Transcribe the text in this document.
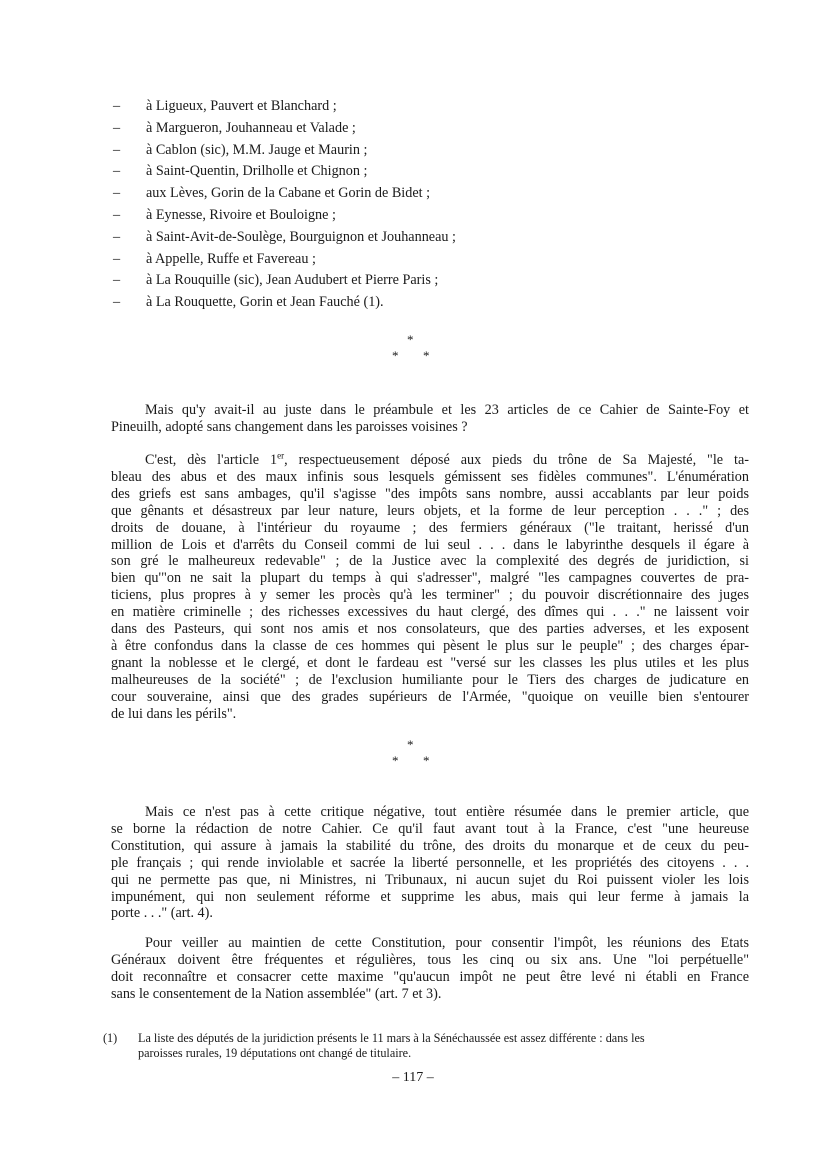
– à Ligueux, Pauvert et Blanchard ;
– à Margueron, Jouhanneau et Valade ;
– à Cablon (sic), M.M. Jauge et Maurin ;
– à Saint-Quentin, Drilholle et Chignon ;
– aux Lèves, Gorin de la Cabane et Gorin de Bidet ;
– à Eynesse, Rivoire et Bouloigne ;
– à Saint-Avit-de-Soulège, Bourguignon et Jouhanneau ;
– à Appelle, Ruffe et Favereau ;
– à La Rouquille (sic), Jean Audubert et Pierre Paris ;
– à La Rouquette, Gorin et Jean Fauché (1).
*
* *
Mais qu'y avait-il au juste dans le préambule et les 23 articles de ce Cahier de Sainte-Foy et
Pineuilh, adopté sans changement dans les paroisses voisines ?
C'est, dès l'article 1er, respectueusement déposé aux pieds du trône de Sa Majesté, "le ta-
bleau des abus et des maux infinis sous lesquels gémissent ses fidèles communes". L'énumération
des griefs est sans ambages, qu'il s'agisse "des impôts sans nombre, aussi accablants par leur poids
que gênants et désastreux par leur nature, leurs objets, et la forme de leur perception . . ." ; des
droits de douane, à l'intérieur du royaume ; des fermiers généraux ("le traitant, herissé d'un
million de Lois et d'arrêts du Conseil commi de lui seul . . . dans le labyrinthe desquels il égare à
son gré le malheureux redevable" ; de la Justice avec la complexité des degrés de juridiction, si
bien qu'"on ne sait la plupart du temps à qui s'adresser", malgré "les campagnes couvertes de pra-
ticiens, plus propres à y semer les procès qu'à les terminer" ; du pouvoir discrétionnaire des juges
en matière criminelle ; des richesses excessives du haut clergé, des dîmes qui . . ." ne laissent voir
dans des Pasteurs, qui sont nos amis et nos consolateurs, que des parties adverses, et les exposent
à être confondus dans la classe de ces hommes qui pèsent le plus sur le peuple" ; des charges épar-
gnant la noblesse et le clergé, et dont le fardeau est "versé sur les classes les plus utiles et les plus
malheureuses de la société" ; de l'exclusion humiliante pour le Tiers des charges de judicature en
cour souveraine, ainsi que des grades supérieurs de l'Armée, "quoique on veuille bien s'entourer
de lui dans les périls".
*
* *
Mais ce n'est pas à cette critique négative, tout entière résumée dans le premier article, que
se borne la rédaction de notre Cahier. Ce qu'il faut avant tout à la France, c'est "une heureuse
Constitution, qui assure à jamais la stabilité du trône, des droits du monarque et de ceux du peu-
ple français ; qui rende inviolable et sacrée la liberté personnelle, et les propriétés des citoyens . . .
qui ne permette pas que, ni Ministres, ni Tribunaux, ni aucun sujet du Roi puissent violer les lois
impunément, qui non seulement réforme et supprime les abus, mais qui leur ferme à jamais la
porte . . ." (art. 4).
Pour veiller au maintien de cette Constitution, pour consentir l'impôt, les réunions des Etats
Généraux doivent être fréquentes et régulières, tous les cinq ou six ans. Une "loi perpétuelle"
doit reconnaître et consacrer cette maxime "qu'aucun impôt ne peut être levé ni établi en France
sans le consentement de la Nation assemblée" (art. 7 et 3).
(1) La liste des députés de la juridiction présents le 11 mars à la Sénéchaussée est assez différente : dans les
paroisses rurales, 19 députations ont changé de titulaire.
– 117 –
